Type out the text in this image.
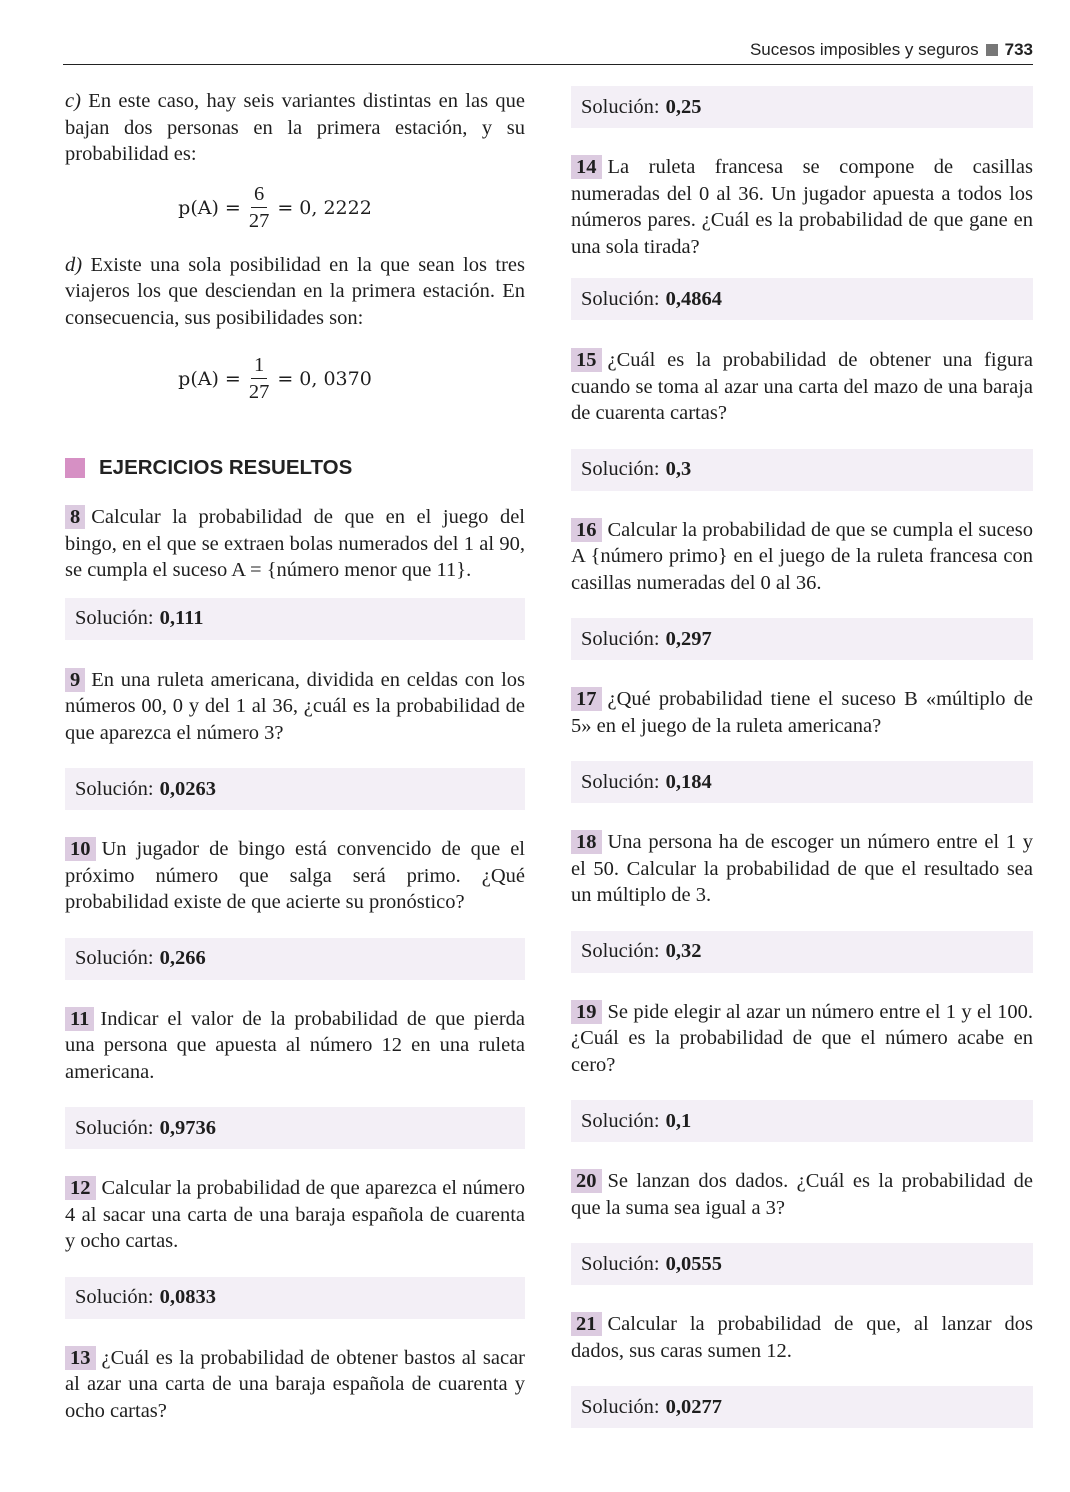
Sucesos imposibles y seguros 733

c) En este caso, hay seis variantes distintas en las que bajan dos personas en la primera estación, y su probabilidad es:

$p(A) = \frac{6}{27} = 0$, 2222

d) Existe una sola posibilidad en la que sean los tres viajeros los que desciendan en la primera estación. En consecuencia, sus posibilidades son:

$p(A) = \frac{1}{27} = 0$, 0370
EJERCICIOS RESUELTOS

8 Calcular la probabilidad de que en el juego del bingo, en el que se extraen bolas numerados del 1 al 90, se cumpla el suceso A = {número menor que 11}.

Solución: 0,111

9 En una ruleta americana, dividida en celdas con los números 00, 0 y del 1 al 36, ¿cuál es la probabilidad de que aparezca el número 3?

Solución: 0,0263

10 Un jugador de bingo está convencido de que el próximo número que salga será primo. ¿Qué probabilidad existe de que acierte su pronóstico?

Solución: 0,266

11 Indicar el valor de la probabilidad de que pierda una persona que apuesta al número 12 en una ruleta americana.

Solución: 0,9736

12 Calcular la probabilidad de que aparezca el número 4 al sacar una carta de una baraja española de cuarenta y ocho cartas.

Solución: 0,0833

13 ¿Cuál es la probabilidad de obtener bastos al sacar al azar una carta de una baraja española de cuarenta y ocho cartas?

Solución: 0,25

14 La ruleta francesa se compone de casillas numeradas del 0 al 36. Un jugador apuesta a todos los números pares. ¿Cuál es la probabilidad de que gane en una sola tirada?

Solución: 0,4864

15 ¿Cuál es la probabilidad de obtener una figura cuando se toma al azar una carta del mazo de una baraja de cuarenta cartas?

Solución: 0,3

16 Calcular la probabilidad de que se cumpla el suceso A {número primo} en el juego de la ruleta francesa con casillas numeradas del 0 al 36.

Solución: 0,297

17 ¿Qué probabilidad tiene el suceso B «múltiplo de 5» en el juego de la ruleta americana?

Solución: 0,184

18 Una persona ha de escoger un número entre el 1 y el 50. Calcular la probabilidad de que el resultado sea un múltiplo de 3.

Solución: 0,32

19 Se pide elegir al azar un número entre el 1 y el 100. ¿Cuál es la probabilidad de que el número acabe en cero?

Solución: 0,1

20 Se lanzan dos dados. ¿Cuál es la probabilidad de que la suma sea igual a 3?

Solución: 0,0555

21 Calcular la probabilidad de que, al lanzar dos dados, sus caras sumen 12.

Solución: 0,0277
